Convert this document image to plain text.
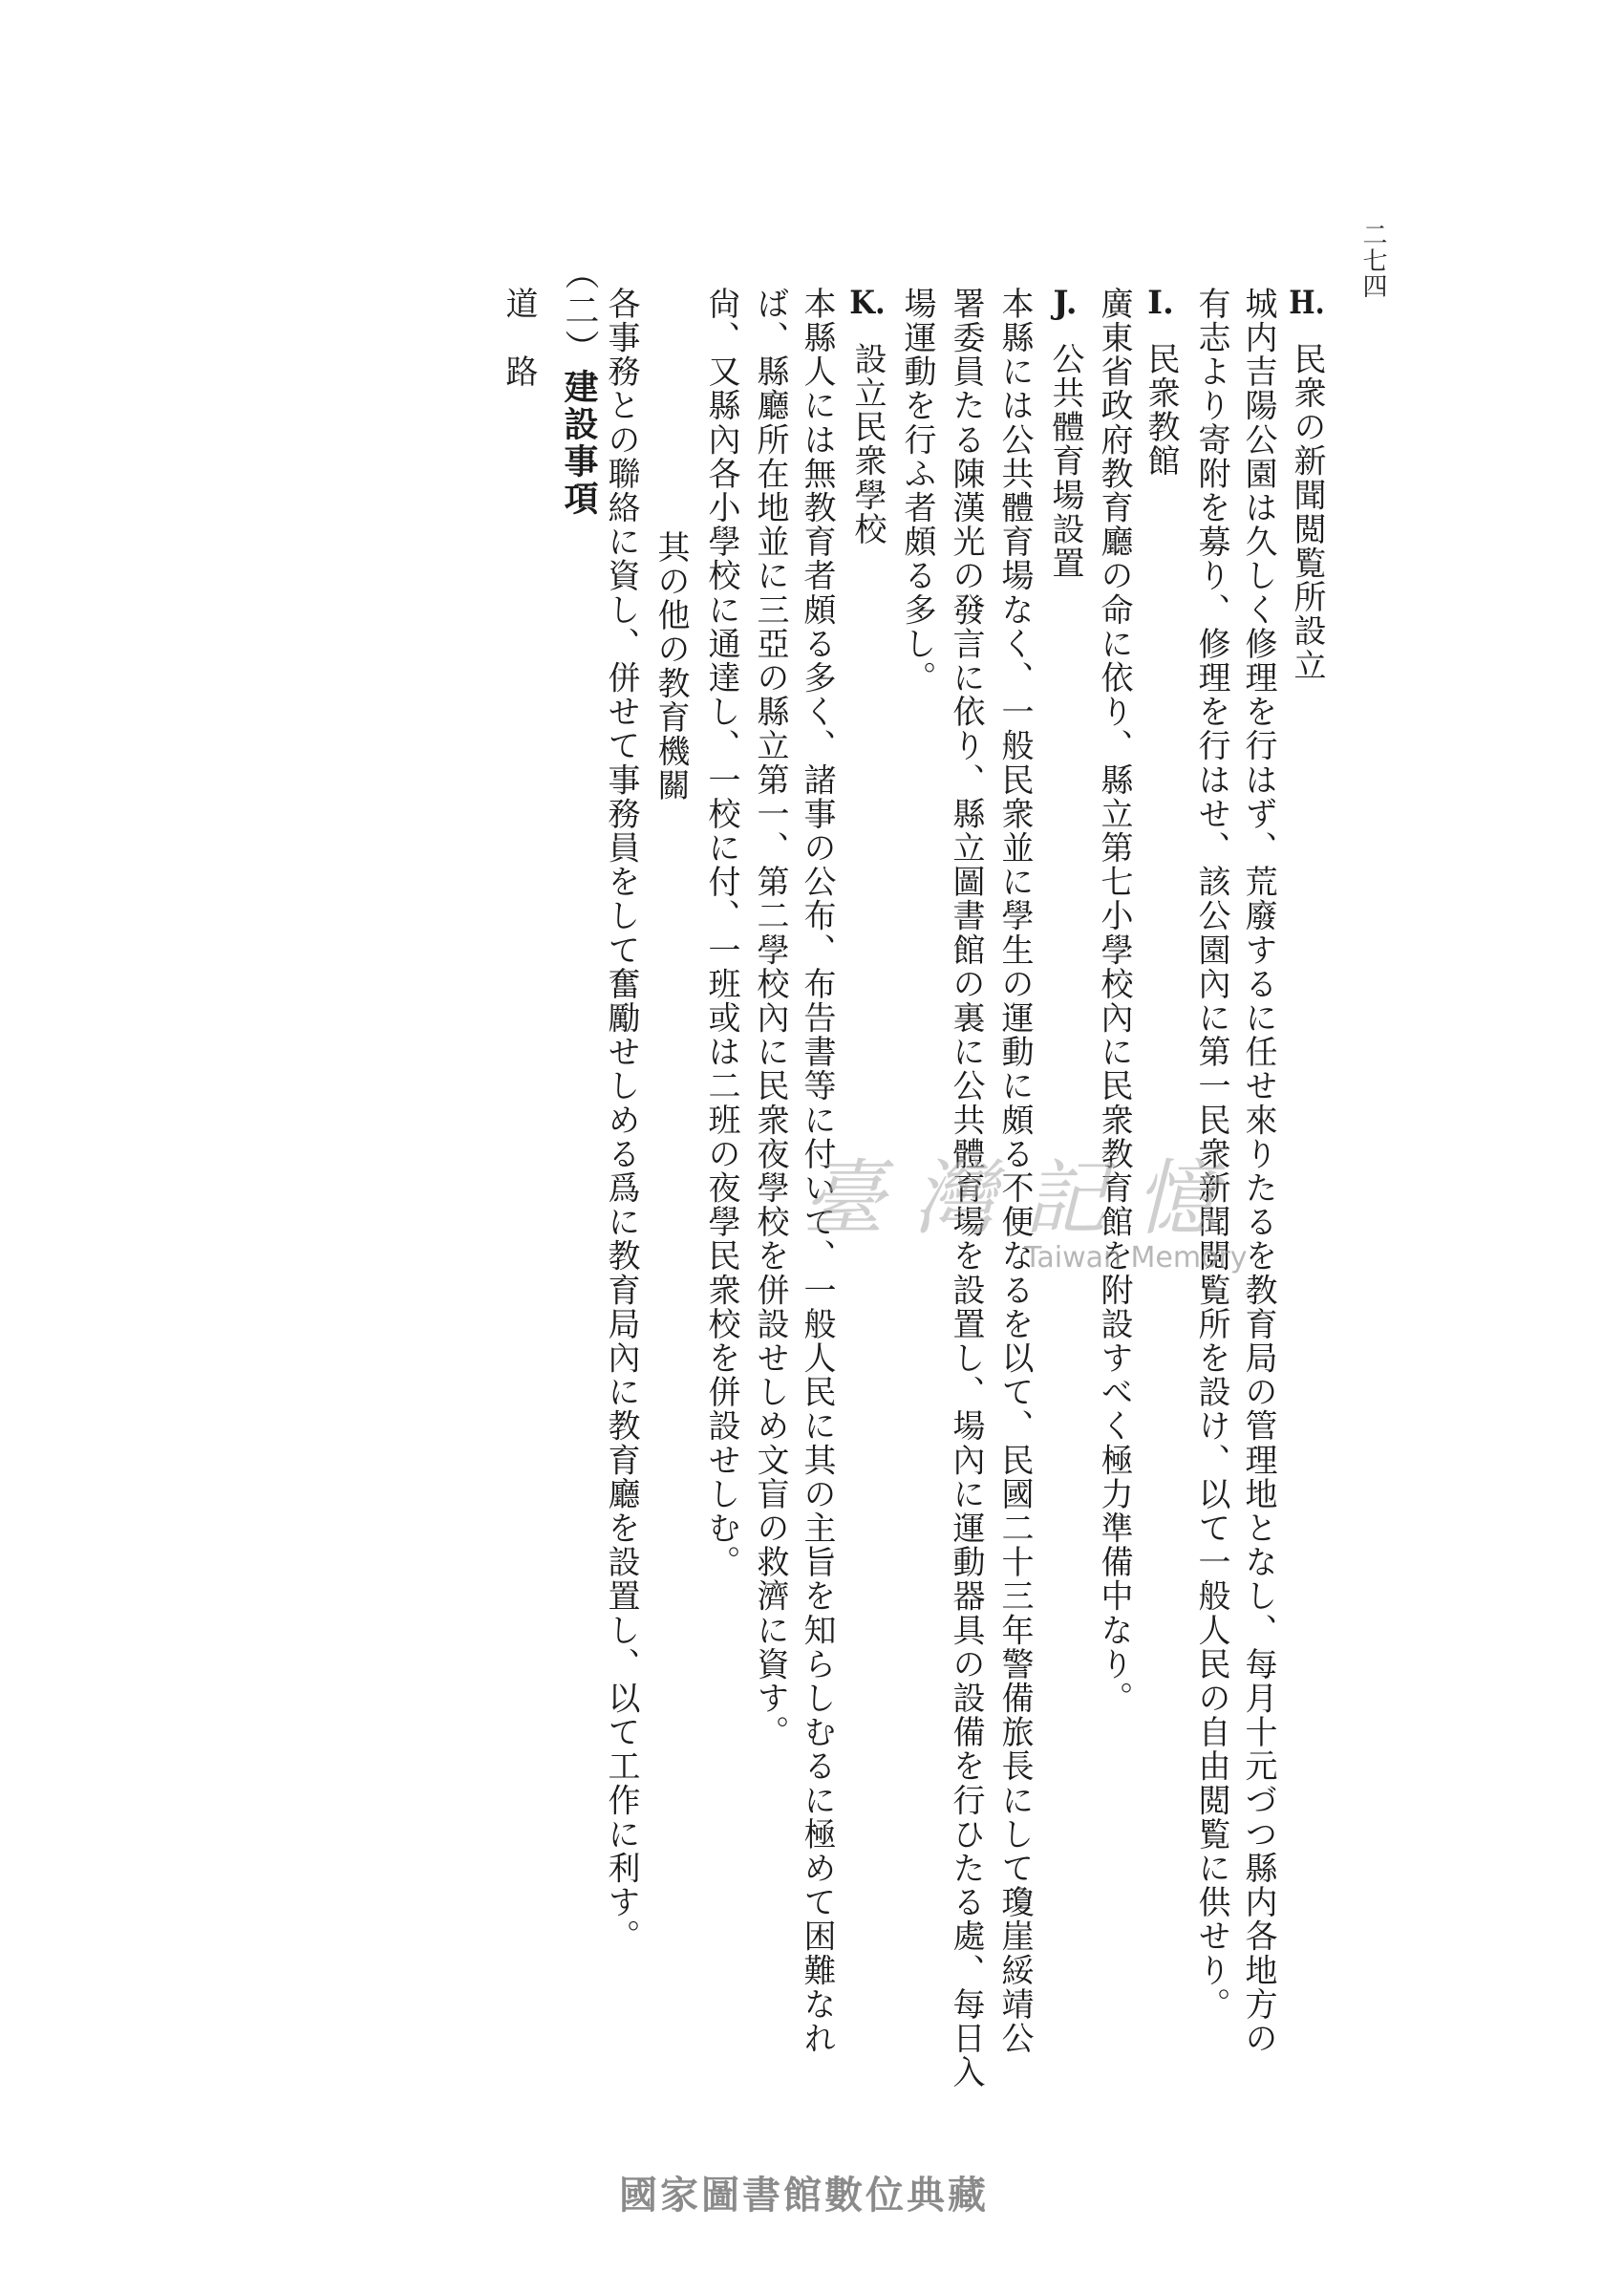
二七四
H.民衆の新聞閲覧所設立
城内吉陽公園は久しく修理を行はず、荒廢するに任せ來りたるを教育局の管理地となし、每月十元づつ縣内各地方の
有志より寄附を募り、修理を行はせ、該公園內に第一民衆新聞閲覧所を設け、以て一般人民の自由閲覧に供せり。
I.民衆教館
廣東省政府教育廳の命に依り、縣立第七小學校內に民衆教育館を附設すべく極力準備中なり。
J.公共體育場設置
本縣には公共體育場なく、一般民衆並に學生の運動に頗る不便なるを以て、民國二十三年警備旅長にして瓊崖綏靖公
署委員たる陳漢光の發言に依り、縣立圖書館の裏に公共體育場を設置し、場內に運動器具の設備を行ひたる處、每日入
場運動を行ふ者頗る多し。
K.設立民衆學校
本縣人には無教育者頗る多く、諸事の公布、布告書等に付いて、一般人民に其の主旨を知らしむるに極めて困難なれ
ば、縣廳所在地並に三亞の縣立第一、第二學校內に民衆夜學校を併設せしめ文盲の救濟に資す。
尙、又縣內各小學校に通達し、一校に付、一班或は二班の夜學民衆校を併設せしむ。
其の他の教育機關
各事務との聯絡に資し、併せて事務員をして奮勵せしめる爲に教育局內に教育廳を設置し、以て工作に利す。
（二）建設事項
道　路
臺灣記憶
Taiwan Memory
國家圖書館數位典藏
